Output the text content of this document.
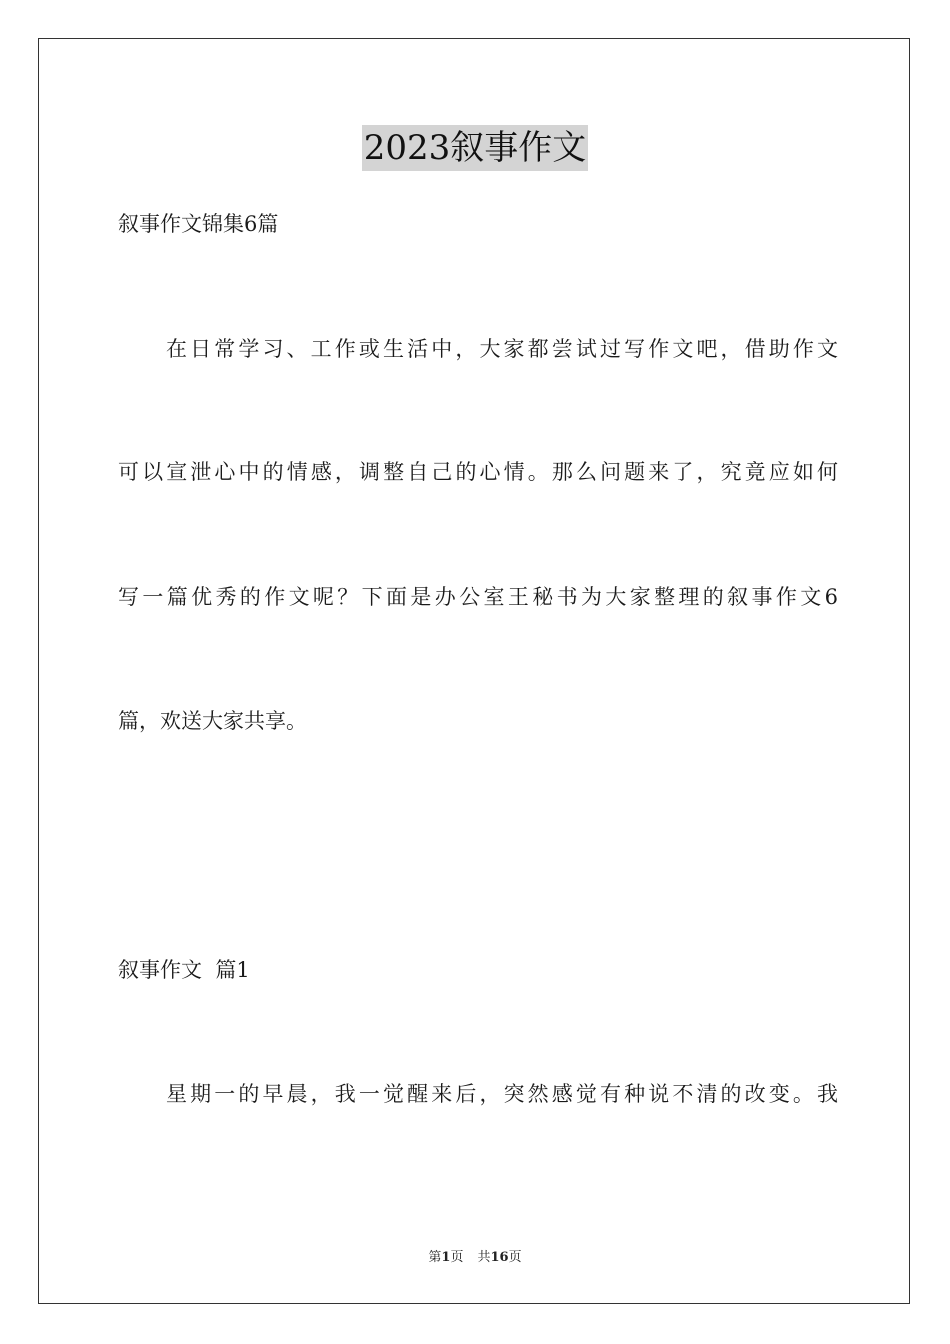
2023叙事作文
叙事作文锦集6篇
在日常学习、工作或生活中，大家都尝试过写作文吧，借助作文
可以宣泄心中的情感，调整自己的心情。那么问题来了，究竟应如何
写一篇优秀的作文呢？下面是办公室王秘书为大家整理的叙事作文6
篇，欢送大家共享。
叙事作文  篇1
星期一的早晨，我一觉醒来后，突然感觉有种说不清的改变。我
第1页 共16页
